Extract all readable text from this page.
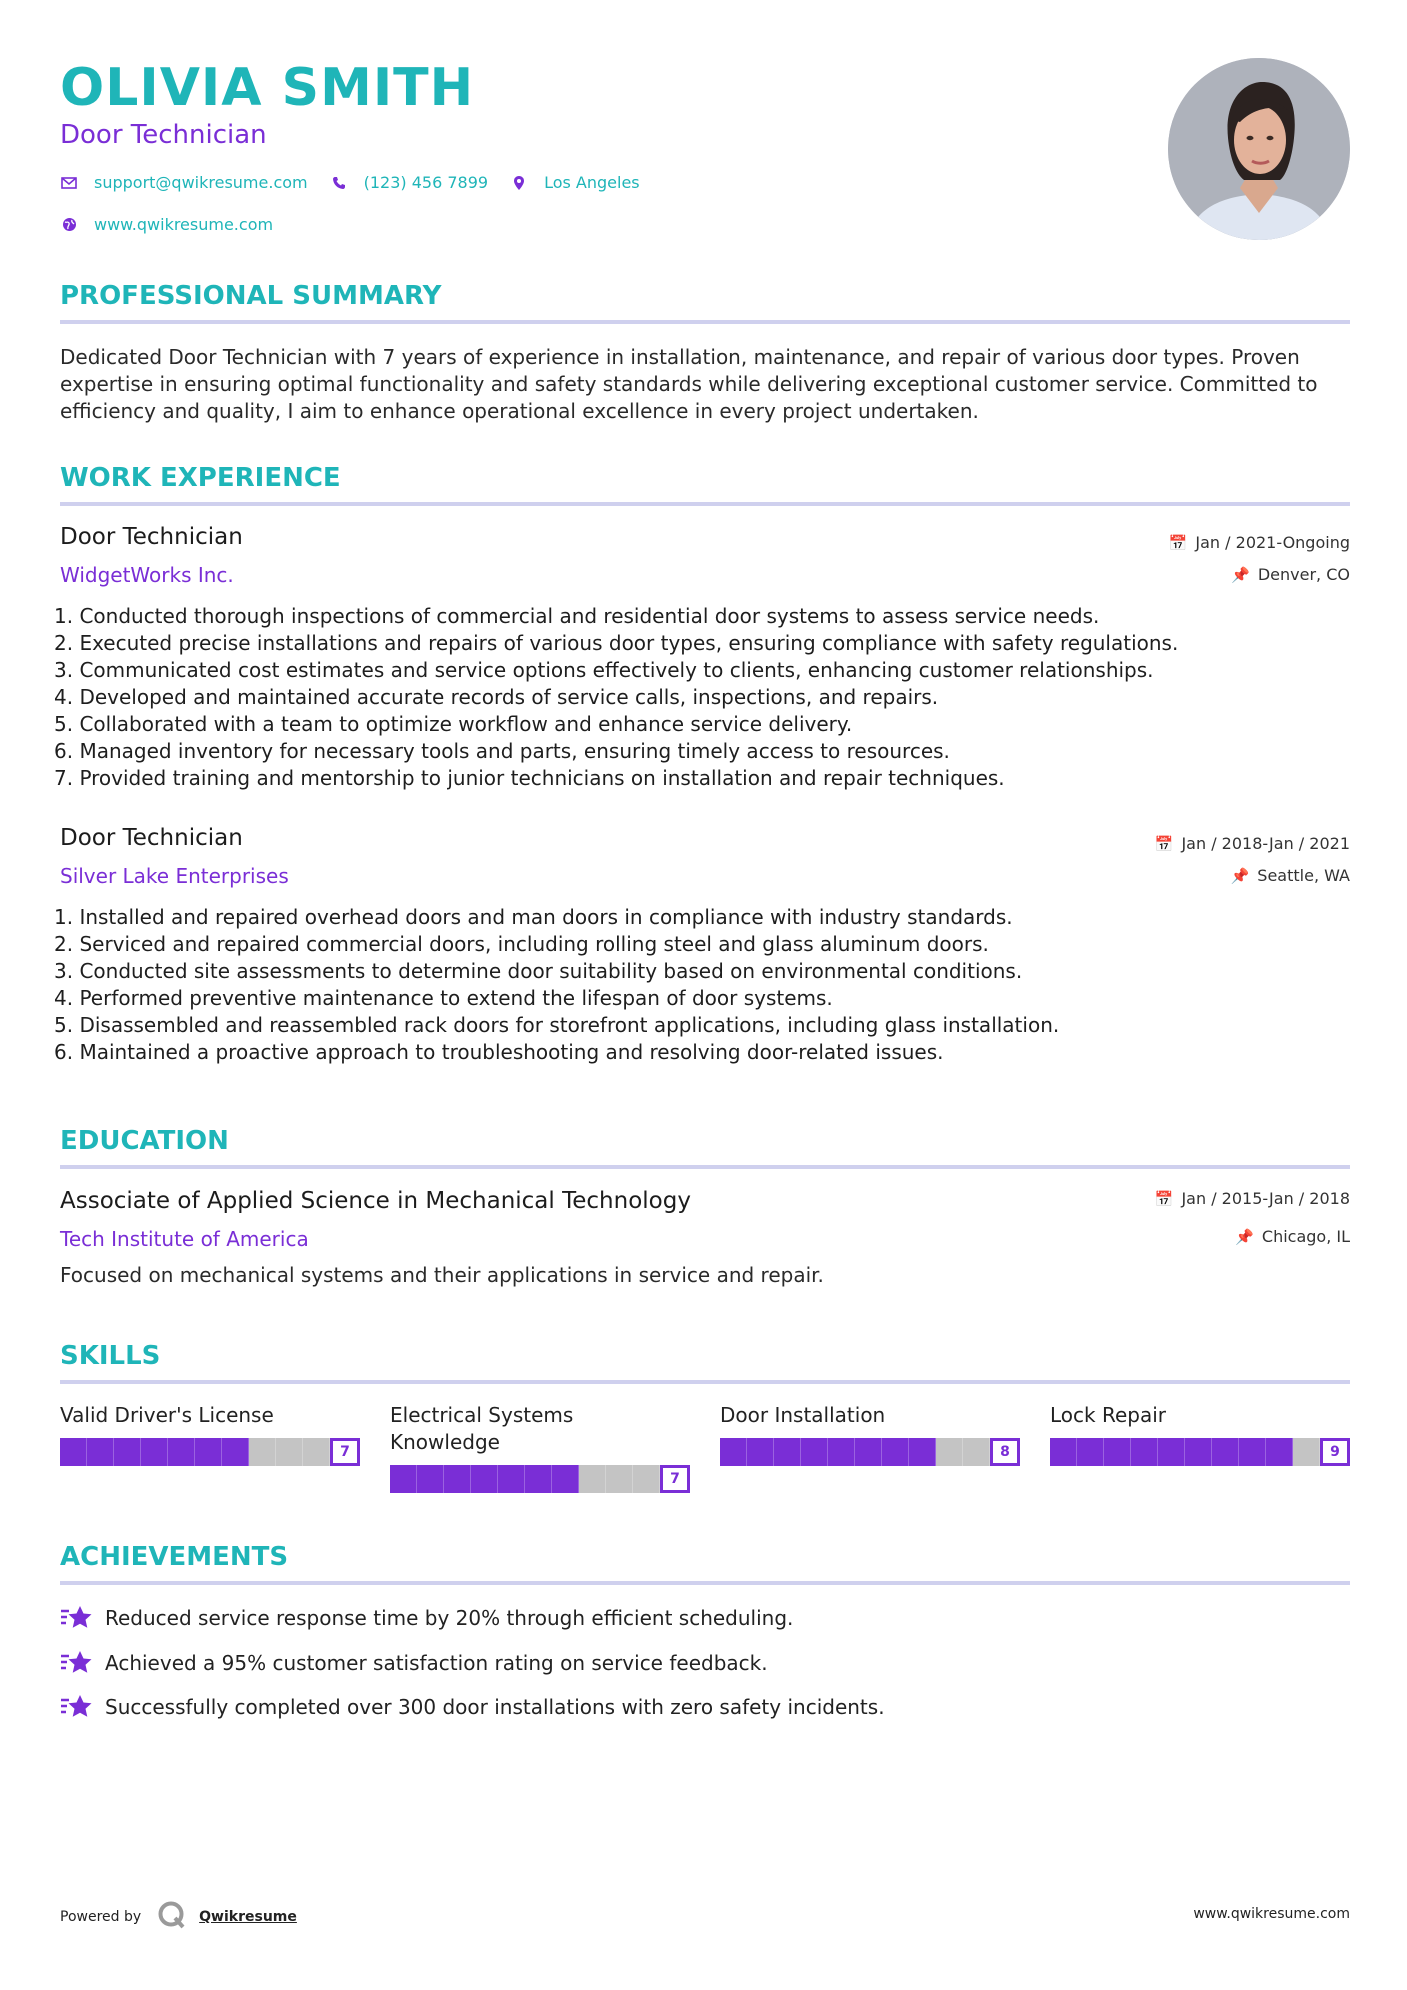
OLIVIA SMITH
Door Technician
support@qwikresume.com	(123) 456 7899	Los Angeles
www.qwikresume.com
PROFESSIONAL SUMMARY
Dedicated Door Technician with 7 years of experience in installation, maintenance, and repair of various door types. Proven expertise in ensuring optimal functionality and safety standards while delivering exceptional customer service. Committed to efficiency and quality, I aim to enhance operational excellence in every project undertaken.
WORK EXPERIENCE
Door Technician	📅 Jan / 2021-Ongoing
WidgetWorks Inc.	📌 Denver, CO
1. Conducted thorough inspections of commercial and residential door systems to assess service needs.
2. Executed precise installations and repairs of various door types, ensuring compliance with safety regulations.
3. Communicated cost estimates and service options effectively to clients, enhancing customer relationships.
4. Developed and maintained accurate records of service calls, inspections, and repairs.
5. Collaborated with a team to optimize workflow and enhance service delivery.
6. Managed inventory for necessary tools and parts, ensuring timely access to resources.
7. Provided training and mentorship to junior technicians on installation and repair techniques.
Door Technician	📅 Jan / 2018-Jan / 2021
Silver Lake Enterprises	📌 Seattle, WA
1. Installed and repaired overhead doors and man doors in compliance with industry standards.
2. Serviced and repaired commercial doors, including rolling steel and glass aluminum doors.
3. Conducted site assessments to determine door suitability based on environmental conditions.
4. Performed preventive maintenance to extend the lifespan of door systems.
5. Disassembled and reassembled rack doors for storefront applications, including glass installation.
6. Maintained a proactive approach to troubleshooting and resolving door-related issues.
EDUCATION
Associate of Applied Science in Mechanical Technology	📅 Jan / 2015-Jan / 2018
Tech Institute of America	📌 Chicago, IL
Focused on mechanical systems and their applications in service and repair.
SKILLS
Valid Driver's License
7
Electrical Systems Knowledge
7
Door Installation
8
Lock Repair
9
ACHIEVEMENTS
Reduced service response time by 20% through efficient scheduling.
Achieved a 95% customer satisfaction rating on service feedback.
Successfully completed over 300 door installations with zero safety incidents.
Powered by	Qwikresume	www.qwikresume.com
